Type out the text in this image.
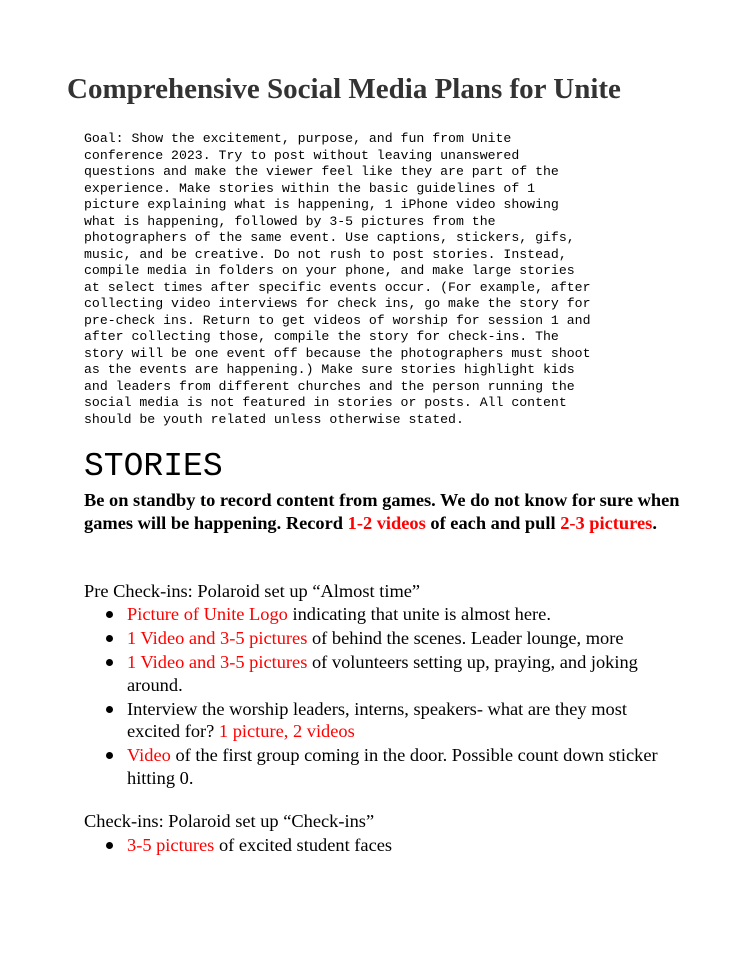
Comprehensive Social Media Plans for Unite
Goal: Show the excitement, purpose, and fun from Unite
conference 2023. Try to post without leaving unanswered
questions and make the viewer feel like they are part of the
experience. Make stories within the basic guidelines of 1
picture explaining what is happening, 1 iPhone video showing
what is happening, followed by 3-5 pictures from the
photographers of the same event. Use captions, stickers, gifs,
music, and be creative. Do not rush to post stories. Instead,
compile media in folders on your phone, and make large stories
at select times after specific events occur. (For example, after
collecting video interviews for check ins, go make the story for
pre-check ins. Return to get videos of worship for session 1 and
after collecting those, compile the story for check-ins. The
story will be one event off because the photographers must shoot
as the events are happening.) Make sure stories highlight kids
and leaders from different churches and the person running the
social media is not featured in stories or posts. All content
should be youth related unless otherwise stated.
STORIES

Be on standby to record content from games. We do not know for sure when games will be happening. Record 1-2 videos of each and pull 2-3 pictures.

Pre Check-ins: Polaroid set up “Almost time”

Picture of Unite Logo indicating that unite is almost here.
1 Video and 3-5 pictures of behind the scenes. Leader lounge, more
1 Video and 3-5 pictures of volunteers setting up, praying, and joking around.
Interview the worship leaders, interns, speakers- what are they most excited for? 1 picture, 2 videos
Video of the first group coming in the door. Possible count down sticker hitting 0.

Check-ins: Polaroid set up “Check-ins”

3-5 pictures of excited student faces
